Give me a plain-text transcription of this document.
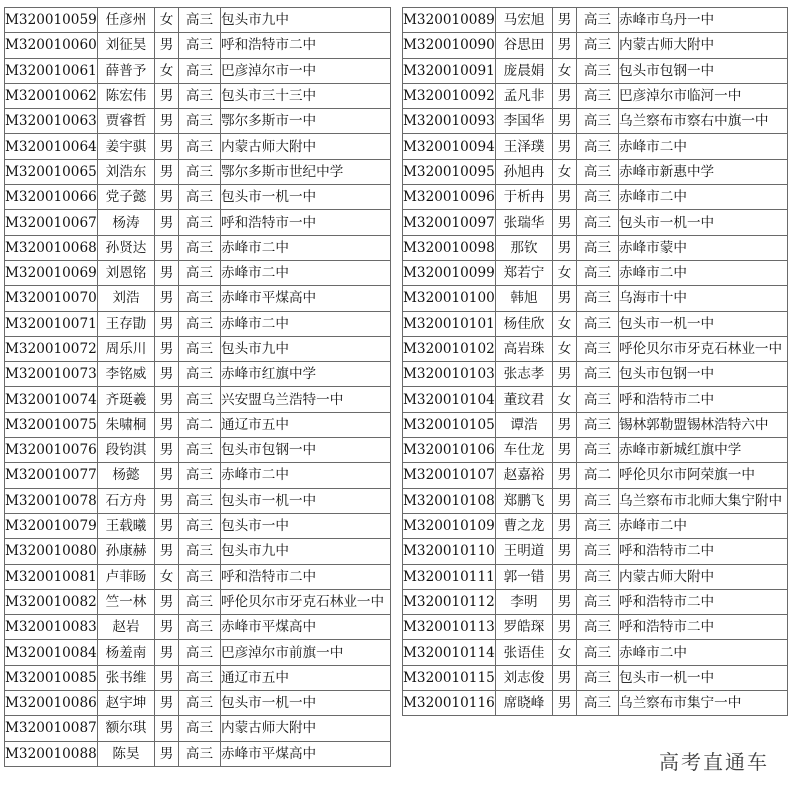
M320010059	任彦州	女	高三	包头市九中
M320010060	刘征昊	男	高三	呼和浩特市二中
M320010061	薛普予	女	高三	巴彦淖尔市一中
M320010062	陈宏伟	男	高三	包头市三十三中
M320010063	贾睿哲	男	高三	鄂尔多斯市一中
M320010064	姜宇骐	男	高三	内蒙古师大附中
M320010065	刘浩东	男	高三	鄂尔多斯市世纪中学
M320010066	党子懿	男	高三	包头市一机一中
M320010067	杨涛	男	高三	呼和浩特市一中
M320010068	孙贤达	男	高三	赤峰市二中
M320010069	刘恩铭	男	高三	赤峰市二中
M320010070	刘浩	男	高三	赤峰市平煤高中
M320010071	王存勖	男	高三	赤峰市二中
M320010072	周乐川	男	高三	包头市九中
M320010073	李铭威	男	高三	赤峰市红旗中学
M320010074	齐珽羲	男	高三	兴安盟乌兰浩特一中
M320010075	朱啸桐	男	高二	通辽市五中
M320010076	段钧淇	男	高三	包头市包钢一中
M320010077	杨懿	男	高三	赤峰市二中
M320010078	石方舟	男	高三	包头市一机一中
M320010079	王载曦	男	高三	包头市一中
M320010080	孙康赫	男	高三	包头市九中
M320010081	卢菲旸	女	高三	呼和浩特市二中
M320010082	竺一林	男	高三	呼伦贝尔市牙克石林业一中
M320010083	赵岩	男	高三	赤峰市平煤高中
M320010084	杨羞南	男	高三	巴彦淖尔市前旗一中
M320010085	张书维	男	高三	通辽市五中
M320010086	赵宇坤	男	高三	包头市一机一中
M320010087	额尔琪	男	高三	内蒙古师大附中
M320010088	陈昊	男	高三	赤峰市平煤高中
M320010089	马宏旭	男	高三	赤峰市乌丹一中
M320010090	谷思田	男	高三	内蒙古师大附中
M320010091	庞晨娟	女	高三	包头市包钢一中
M320010092	孟凡非	男	高三	巴彦淖尔市临河一中
M320010093	李国华	男	高三	乌兰察布市察右中旗一中
M320010094	王泽璞	男	高三	赤峰市二中
M320010095	孙旭冉	女	高三	赤峰市新惠中学
M320010096	于析冉	男	高三	赤峰市二中
M320010097	张瑞华	男	高三	包头市一机一中
M320010098	那钦	男	高三	赤峰市蒙中
M320010099	郑若宁	女	高三	赤峰市二中
M320010100	韩旭	男	高三	乌海市十中
M320010101	杨佳欣	女	高三	包头市一机一中
M320010102	高岩珠	女	高三	呼伦贝尔市牙克石林业一中
M320010103	张志孝	男	高三	包头市包钢一中
M320010104	董玟君	女	高三	呼和浩特市二中
M320010105	谭浩	男	高三	锡林郭勒盟锡林浩特六中
M320010106	车仕龙	男	高三	赤峰市新城红旗中学
M320010107	赵嘉裕	男	高二	呼伦贝尔市阿荣旗一中
M320010108	郑鹏飞	男	高三	乌兰察布市北师大集宁附中
M320010109	曹之龙	男	高三	赤峰市二中
M320010110	王明道	男	高三	呼和浩特市二中
M320010111	郭一错	男	高三	内蒙古师大附中
M320010112	李明	男	高三	呼和浩特市二中
M320010113	罗皓琛	男	高三	呼和浩特市二中
M320010114	张语佳	女	高三	赤峰市二中
M320010115	刘志俊	男	高三	包头市一机一中
M320010116	席晓峰	男	高三	乌兰察布市集宁一中
高考直通车
